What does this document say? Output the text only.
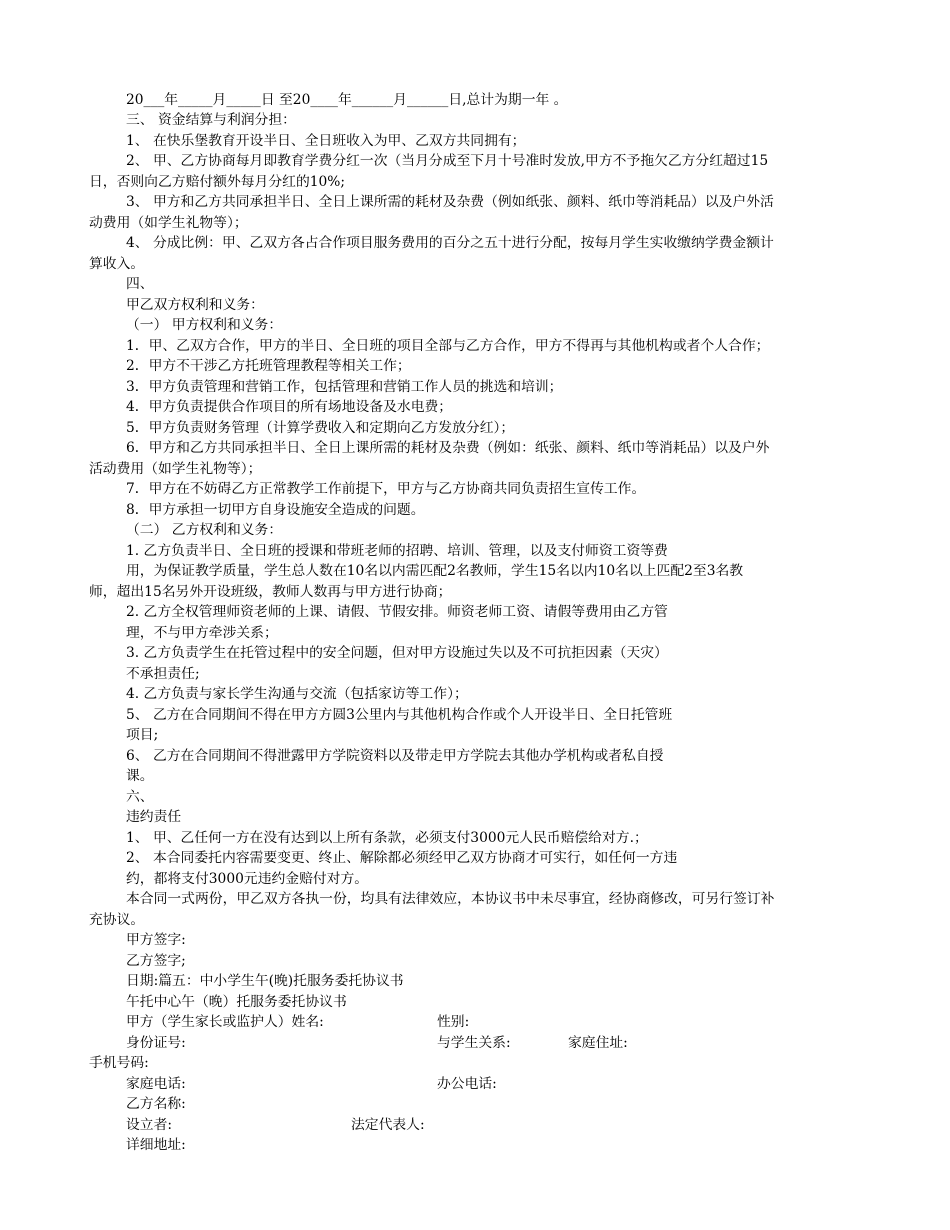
20___年_____月_____日 至20____年______月______日,总计为期一年 。

三、 资金结算与利润分担：

1、 在快乐堡教育开设半日、全日班收入为甲、乙双方共同拥有；

2、 甲、乙方协商每月即教育学费分红一次（当月分成至下月十号准时发放,甲方不予拖欠乙方分红超过15

日，否则向乙方赔付额外每月分红的10%;

3、 甲方和乙方共同承担半日、全日上课所需的耗材及杂费（例如纸张、颜料、纸巾等消耗品）以及户外活

动费用（如学生礼物等）；

4、 分成比例：甲、乙双方各占合作项目服务费用的百分之五十进行分配，按每月学生实收缴纳学费金额计

算收入。

四、

甲乙双方权利和义务：

（一） 甲方权利和义务：

1．甲、乙双方合作，甲方的半日、全日班的项目全部与乙方合作，甲方不得再与其他机构或者个人合作；

2．甲方不干涉乙方托班管理教程等相关工作；

3．甲方负责管理和营销工作，包括管理和营销工作人员的挑选和培训；

4．甲方负责提供合作项目的所有场地设备及水电费；

5．甲方负责财务管理（计算学费收入和定期向乙方发放分红）；

6．甲方和乙方共同承担半日、全日上课所需的耗材及杂费（例如：纸张、颜料、纸巾等消耗品）以及户外

活动费用（如学生礼物等）；

7．甲方在不妨碍乙方正常教学工作前提下，甲方与乙方协商共同负责招生宣传工作。

8．甲方承担一切甲方自身设施安全造成的问题。

（二） 乙方权利和义务：

1. 乙方负责半日、全日班的授课和带班老师的招聘、培训、管理，以及支付师资工资等费

用，为保证教学质量，学生总人数在10名以内需匹配2名教师，学生15名以内10名以上匹配2至3名教

师，超出15名另外开设班级，教师人数再与甲方进行协商；

2. 乙方全权管理师资老师的上课、请假、节假安排。师资老师工资、请假等费用由乙方管

理，不与甲方牵涉关系；

3. 乙方负责学生在托管过程中的安全问题，但对甲方设施过失以及不可抗拒因素（天灾）

不承担责任;

4. 乙方负责与家长学生沟通与交流（包括家访等工作）；

5、 乙方在合同期间不得在甲方方圆3公里内与其他机构合作或个人开设半日、全日托管班

项目;

6、 乙方在合同期间不得泄露甲方学院资料以及带走甲方学院去其他办学机构或者私自授

课。

六、

违约责任

1、 甲、乙任何一方在没有达到以上所有条款，必须支付3000元人民币赔偿给对方.；

2、 本合同委托内容需要变更、终止、解除都必须经甲乙双方协商才可实行，如任何一方违

约，都将支付3000元违约金赔付对方。

本合同一式两份，甲乙双方各执一份，均具有法律效应，本协议书中未尽事宜，经协商修改，可另行签订补

充协议。

甲方签字:

乙方签字;

日期:篇五：中小学生午(晚)托服务委托协议书

午托中心午（晚）托服务委托协议书

甲方（学生家长或监护人）姓名:	性别:

身份证号:	与学生关系:	家庭住址:

手机号码:

家庭电话:	办公电话:

乙方名称:

设立者:	法定代表人:

详细地址:
